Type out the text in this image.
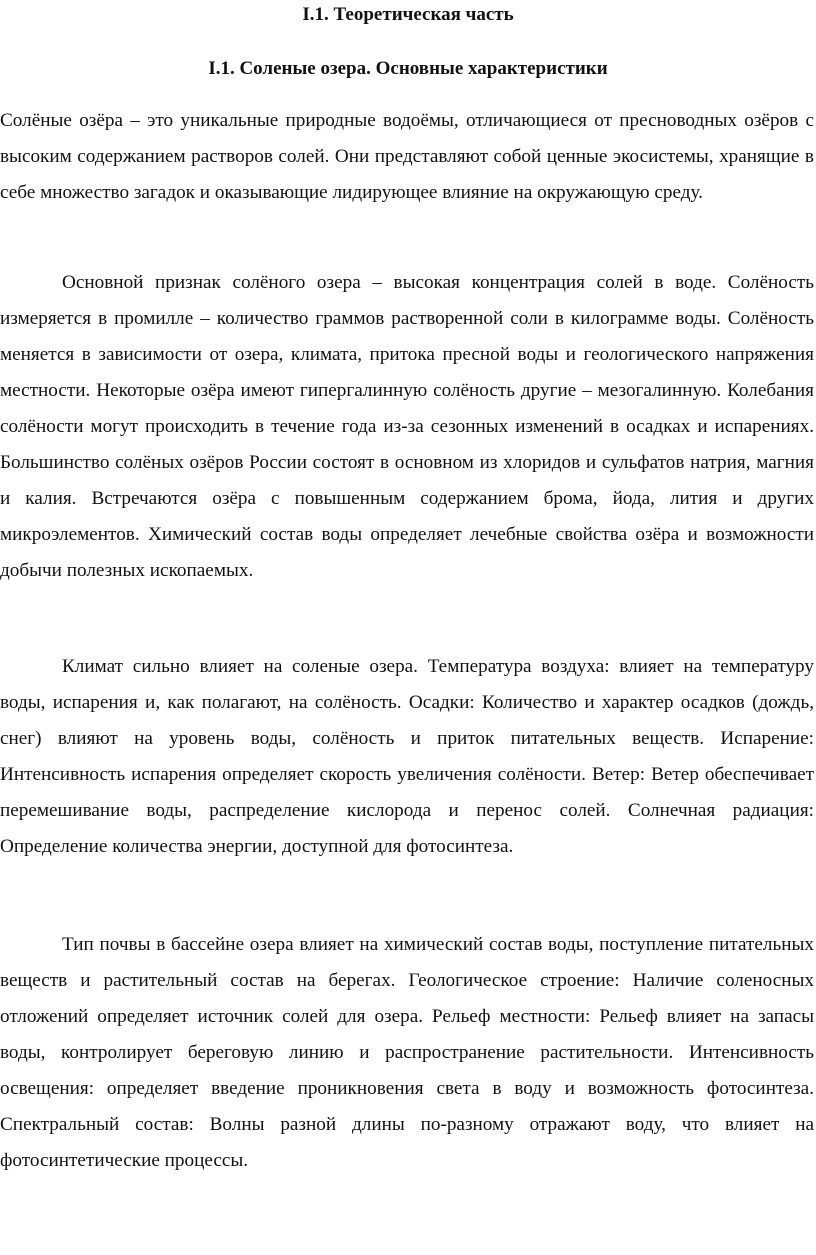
I.1. Теоретическая часть
I.1. Соленые озера. Основные характеристики

Солёные озёра – это уникальные природные водоёмы, отличающиеся от пресноводных озёров с высоким содержанием растворов солей. Они представляют собой ценные экосистемы, хранящие в себе множество загадок и оказывающие лидирующее влияние на окружающую среду.

Основной признак солёного озера – высокая концентрация солей в воде. Солёность измеряется в промилле – количество граммов растворенной соли в килограмме воды. Солёность меняется в зависимости от озера, климата, притока пресной воды и геологического напряжения местности. Некоторые озёра имеют гипергалинную солёность другие – мезогалинную. Колебания солёности могут происходить в течение года из-за сезонных изменений в осадках и испарениях. Большинство солёных озёров России состоят в основном из хлоридов и сульфатов натрия, магния и калия. Встречаются озёра с повышенным содержанием брома, йода, лития и других микроэлементов. Химический состав воды определяет лечебные свойства озёра и возможности добычи полезных ископаемых.

Климат сильно влияет на соленые озера. Температура воздуха: влияет на температуру воды, испарения и, как полагают, на солёность. Осадки: Количество и характер осадков (дождь, снег) влияют на уровень воды, солёность и приток питательных веществ. Испарение: Интенсивность испарения определяет скорость увеличения солёности. Ветер: Ветер обеспечивает перемешивание воды, распределение кислорода и перенос солей. Солнечная радиация: Определение количества энергии, доступной для фотосинтеза.

Тип почвы в бассейне озера влияет на химический состав воды, поступление питательных веществ и растительный состав на берегах. Геологическое строение: Наличие соленосных отложений определяет источник солей для озера. Рельеф местности: Рельеф влияет на запасы воды, контролирует береговую линию и распространение растительности. Интенсивность освещения: определяет введение проникновения света в воду и возможность фотосинтеза. Спектральный состав: Волны разной длины по-разному отражают воду, что влияет на фотосинтетические процессы.
